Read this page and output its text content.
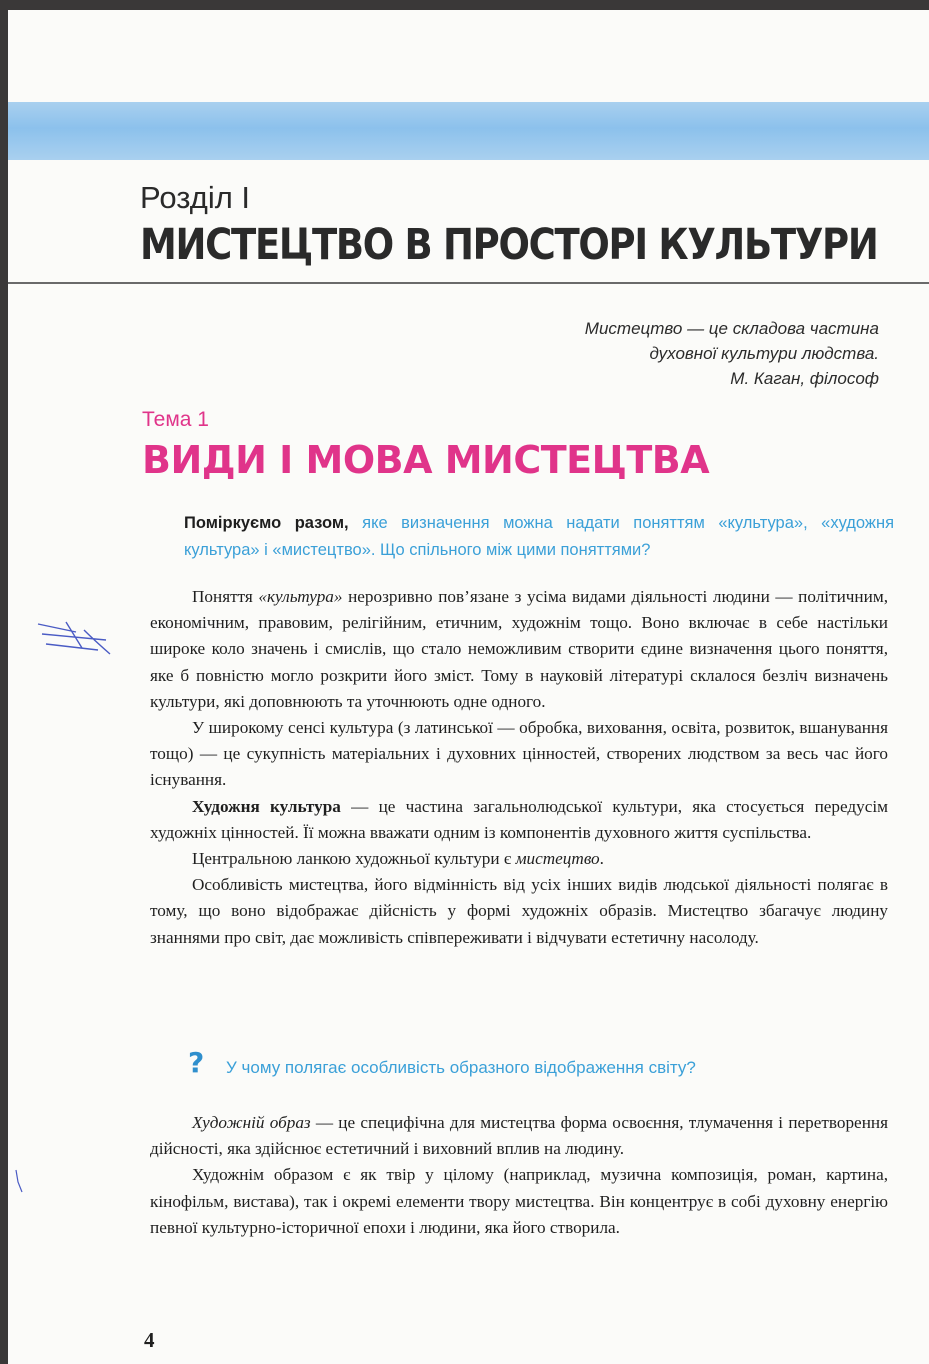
Розділ І
МИСТЕЦТВО В ПРОСТОРІ КУЛЬТУРИ
Мистецтво — це складова частина
духовної культури людства.
М. Каган, філософ
Тема 1
ВИДИ І МОВА МИСТЕЦТВА
Поміркуємо разом, яке визначення можна надати поняттям «культура», «художня культура» і «мистецтво». Що спільного між цими поняттями?

Поняття «культура» нерозривно пов’язане з усіма видами діяльності людини — політичним, економічним, правовим, релігійним, етичним, художнім тощо. Воно включає в себе настільки широке коло значень і смислів, що стало неможливим створити єдине визначення цього поняття, яке б повністю могло розкрити його зміст. Тому в науковій літературі склалося безліч визначень культури, які доповнюють та уточнюють одне одного.

У широкому сенсі культура (з латинської — обробка, виховання, освіта, розвиток, вшанування тощо) — це сукупність матеріальних і духовних цінностей, створених людством за весь час його існування.

Художня культура — це частина загальнолюдської культури, яка стосується передусім художніх цінностей. Її можна вважати одним із компонентів духовного життя суспільства.

Центральною ланкою художньої культури є мистецтво.

Особливість мистецтва, його відмінність від усіх інших видів людської діяльності полягає в тому, що воно відображає дійсність у формі художніх образів. Мистецтво збагачує людину знаннями про світ, дає можливість співпереживати і відчувати естетичну насолоду.

? У чому полягає особливість образного відображення світу?

Художній образ — це специфічна для мистецтва форма освоєння, тлумачення і перетворення дійсності, яка здійснює естетичний і виховний вплив на людину.

Художнім образом є як твір у цілому (наприклад, музична композиція, роман, картина, кінофільм, вистава), так і окремі елементи твору мистецтва. Він концентрує в собі духовну енергію певної культурно-історичної епохи і людини, яка його створила.

4
